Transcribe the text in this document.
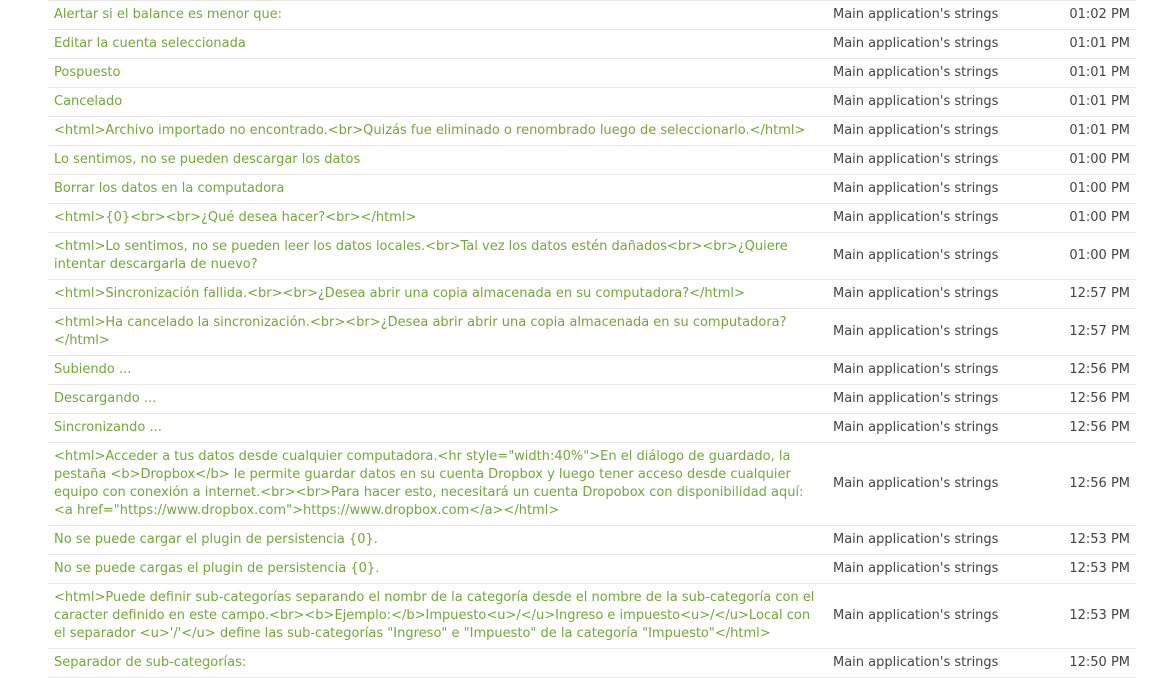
Alertar si el balance es menor que:	Main application's strings	01:02 PM
Editar la cuenta seleccionada	Main application's strings	01:01 PM
Pospuesto	Main application's strings	01:01 PM
Cancelado	Main application's strings	01:01 PM
<html>Archivo importado no encontrado.<br>Quizás fue eliminado o renombrado luego de seleccionarlo.</html>	Main application's strings	01:01 PM
Lo sentimos, no se pueden descargar los datos	Main application's strings	01:00 PM
Borrar los datos en la computadora	Main application's strings	01:00 PM
<html>{0}<br><br>¿Qué desea hacer?<br></html>	Main application's strings	01:00 PM
<html>Lo sentimos, no se pueden leer los datos locales.<br>Tal vez los datos estén dañados<br><br>¿Quiere intentar descargarla de nuevo?	Main application's strings	01:00 PM
<html>Sincronización fallida.<br><br>¿Desea abrir una copia almacenada en su computadora?</html>	Main application's strings	12:57 PM
<html>Ha cancelado la sincronización.<br><br>¿Desea abrir abrir una copia almacenada en su computadora?</html>	Main application's strings	12:57 PM
Subiendo ...	Main application's strings	12:56 PM
Descargando ...	Main application's strings	12:56 PM
Sincronizando ...	Main application's strings	12:56 PM
<html>Acceder a tus datos desde cualquier computadora.<hr style="width:40%">En el diálogo de guardado, la pestaña <b>Dropbox</b> le permite guardar datos en su cuenta Dropbox y luego tener acceso desde cualquier equipo con conexión a internet.<br><br>Para hacer esto, necesitará un cuenta Dropobox con disponibilidad aquí: <a href="https://www.dropbox.com">https://www.dropbox.com</a></html>	Main application's strings	12:56 PM
No se puede cargar el plugin de persistencia {0}.	Main application's strings	12:53 PM
No se puede cargas el plugin de persistencia {0}.	Main application's strings	12:53 PM
<html>Puede definir sub-categorías separando el nombr de la categoría desde el nombre de la sub-categoría con el caracter definido en este campo.<br><b>Ejemplo:</b>Impuesto<u>/</u>Ingreso e impuesto<u>/</u>Local con el separador <u>'/'</u> define las sub-categorías "Ingreso" e "Impuesto" de la categoría "Impuesto"</html>	Main application's strings	12:53 PM
Separador de sub-categorías:	Main application's strings	12:50 PM
